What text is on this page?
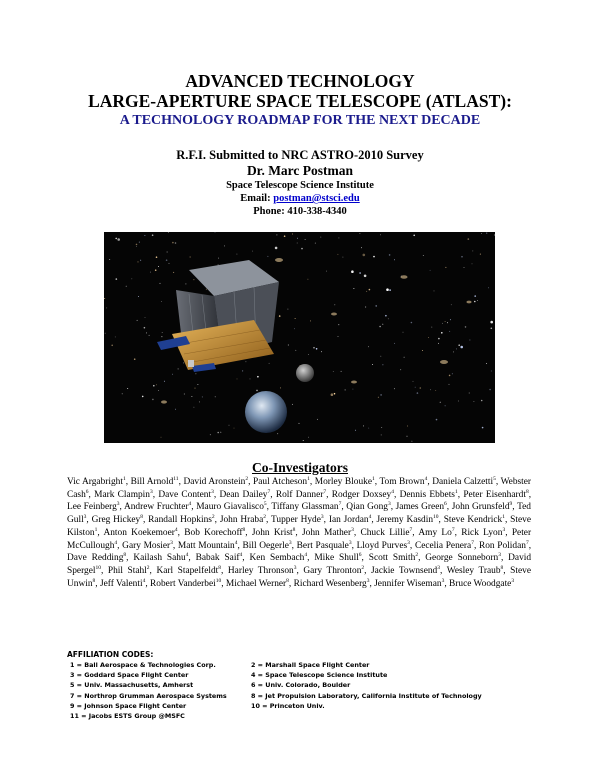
ADVANCED TECHNOLOGY
LARGE-APERTURE SPACE TELESCOPE (ATLAST):
A TECHNOLOGY ROADMAP FOR THE NEXT DECADE
R.F.I. Submitted to NRC ASTRO-2010 Survey
Dr. Marc Postman
Space Telescope Science Institute
Email: postman@stsci.edu
Phone: 410-338-4340
Co-Investigators
Vic Argabright$^1$, Bill Arnold$^{11}$, David Aronstein$^2$, Paul Atcheson$^1$, Morley Blouke$^1$, Tom Brown$^4$, Daniela Calzetti$^5$, Webster Cash$^6$, Mark Clampin$^3$, Dave Content$^3$, Dean Dailey$^7$, Rolf Danner$^7$, Rodger Doxsey$^4$, Dennis Ebbets$^1$, Peter Eisenhardt$^8$, Lee Feinberg$^3$, Andrew Fruchter$^4$, Mauro Giavalisco$^5$, Tiffany Glassman$^7$, Qian Gong$^3$, James Green$^6$, John Grunsfeld$^9$, Ted Gull$^3$, Greg Hickey$^8$, Randall Hopkins$^2$, John Hraba$^2$, Tupper Hyde$^3$, Ian Jordan$^4$, Jeremy Kasdin$^{10}$, Steve Kendrick$^1$, Steve Kilston$^1$, Anton Koekemoer$^4$, Bob Korechoff$^8$, John Krist$^8$, John Mather$^3$, Chuck Lillie$^7$, Amy Lo$^7$, Rick Lyon$^3$, Peter McCullough$^4$, Gary Mosier$^3$, Matt Mountain$^4$, Bill Oegerle$^3$, Bert Pasquale$^3$, Lloyd Purves$^3$, Cecelia Penera$^7$, Ron Polidan$^7$, Dave Redding$^8$, Kailash Sahu$^4$, Babak Saif$^4$, Ken Sembach$^4$, Mike Shull$^6$, Scott Smith$^2$, George Sonneborn$^3$, David Spergel$^{10}$, Phil Stahl$^2$, Karl Stapelfeldt$^8$, Harley Thronson$^3$, Gary Thronton$^2$, Jackie Townsend$^3$, Wesley Traub$^8$, Steve Unwin$^8$, Jeff Valenti$^4$, Robert Vanderbei$^{10}$, Michael Werner$^8$, Richard Wesenberg$^3$, Jennifer Wiseman$^3$, Bruce Woodgate$^3$
AFFILIATION CODES:
1 = Ball Aerospace & Technologies Corp.
3 = Goddard Space Flight Center
5 = Univ. Massachusetts, Amherst
7 = Northrop Grumman Aerospace Systems
9 = Johnson Space Flight Center
11 = Jacobs ESTS Group @MSFC
2 = Marshall Space Flight Center
4 = Space Telescope Science Institute
6 = Univ. Colorado, Boulder
8 = Jet Propulsion Laboratory, California Institute of Technology
10 = Princeton Univ.
